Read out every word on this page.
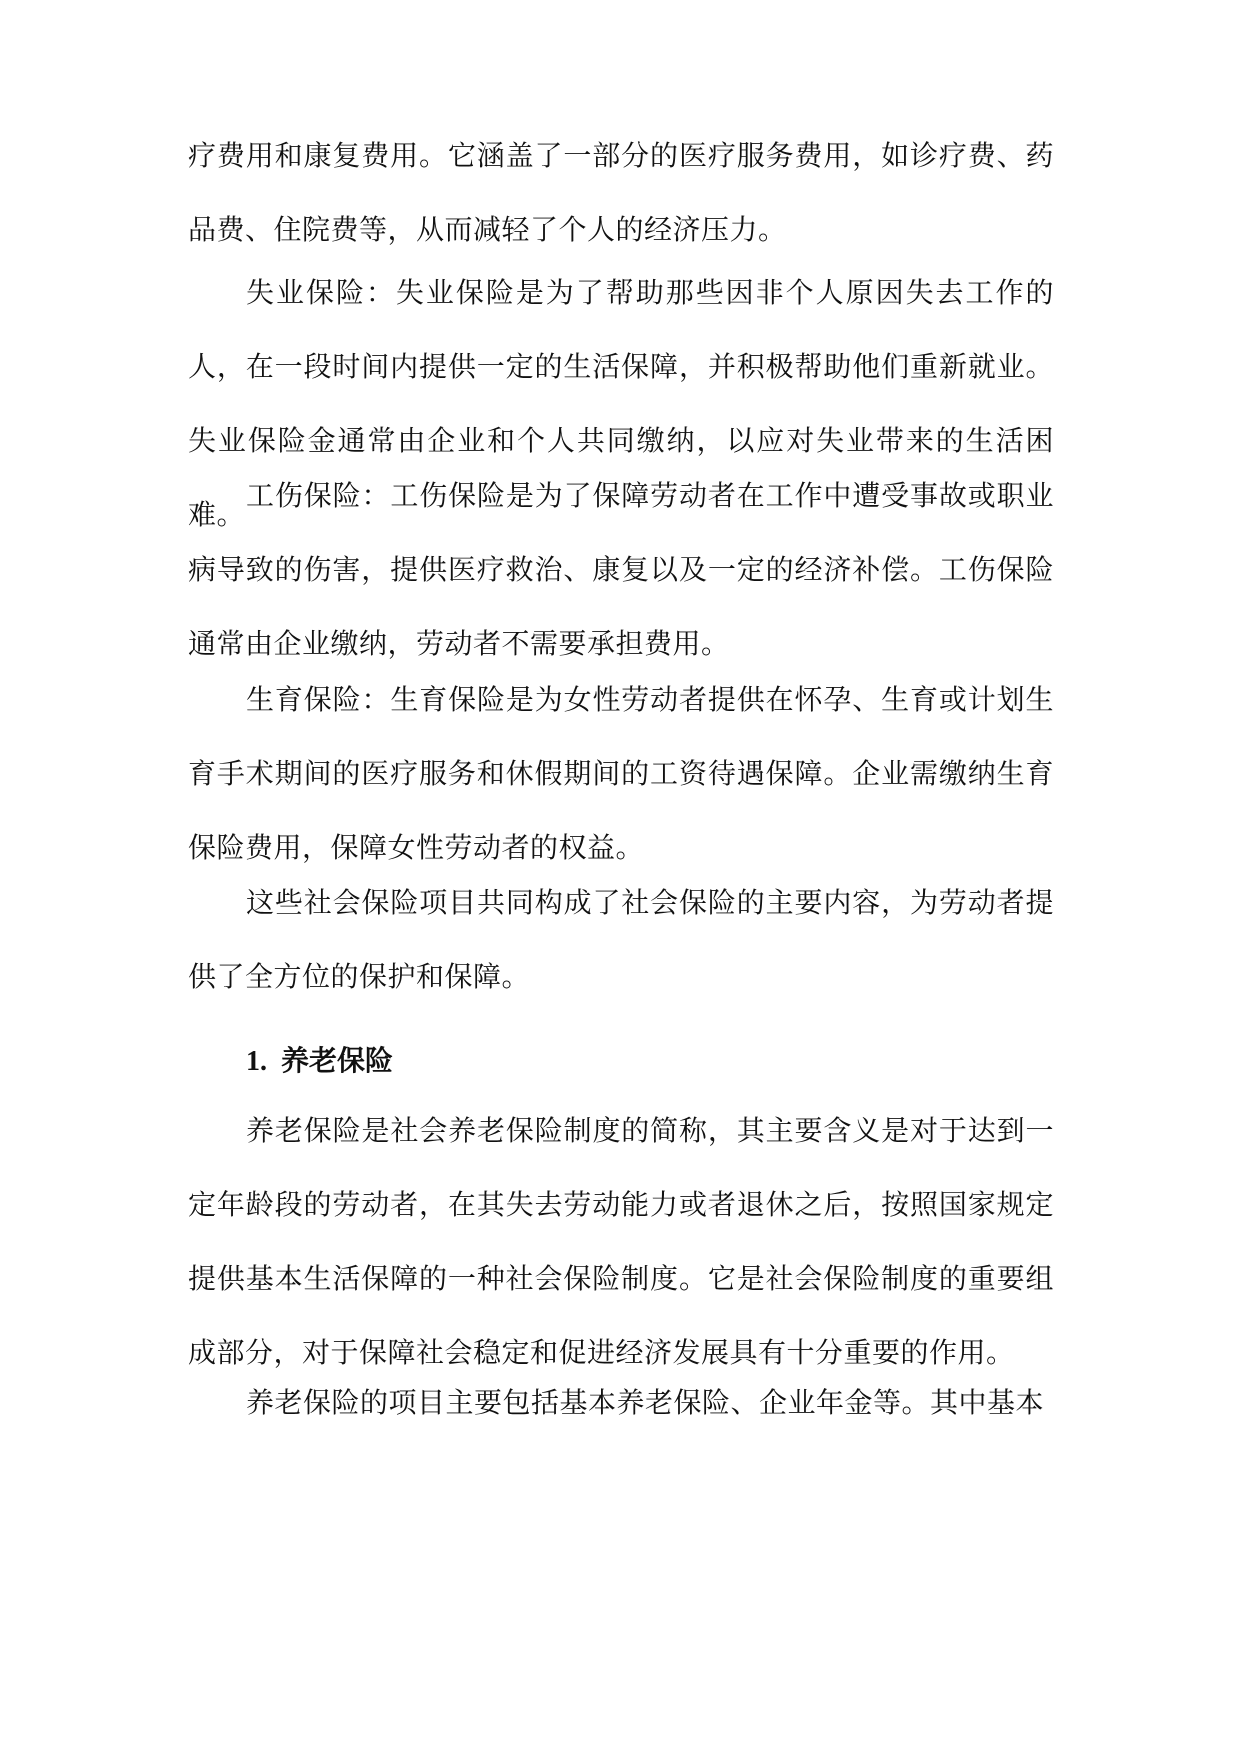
疗费用和康复费用。它涵盖了一部分的医疗服务费用，如诊疗费、药品费、住院费等，从而减轻了个人的经济压力。

失业保险：失业保险是为了帮助那些因非个人原因失去工作的人，在一段时间内提供一定的生活保障，并积极帮助他们重新就业。失业保险金通常由企业和个人共同缴纳，以应对失业带来的生活困难。

工伤保险：工伤保险是为了保障劳动者在工作中遭受事故或职业病导致的伤害，提供医疗救治、康复以及一定的经济补偿。工伤保险通常由企业缴纳，劳动者不需要承担费用。

生育保险：生育保险是为女性劳动者提供在怀孕、生育或计划生育手术期间的医疗服务和休假期间的工资待遇保障。企业需缴纳生育保险费用，保障女性劳动者的权益。

这些社会保险项目共同构成了社会保险的主要内容，为劳动者提供了全方位的保护和保障。

1. 养老保险

养老保险是社会养老保险制度的简称，其主要含义是对于达到一定年龄段的劳动者，在其失去劳动能力或者退休之后，按照国家规定提供基本生活保障的一种社会保险制度。它是社会保险制度的重要组成部分，对于保障社会稳定和促进经济发展具有十分重要的作用。

养老保险的项目主要包括基本养老保险、企业年金等。其中基本
